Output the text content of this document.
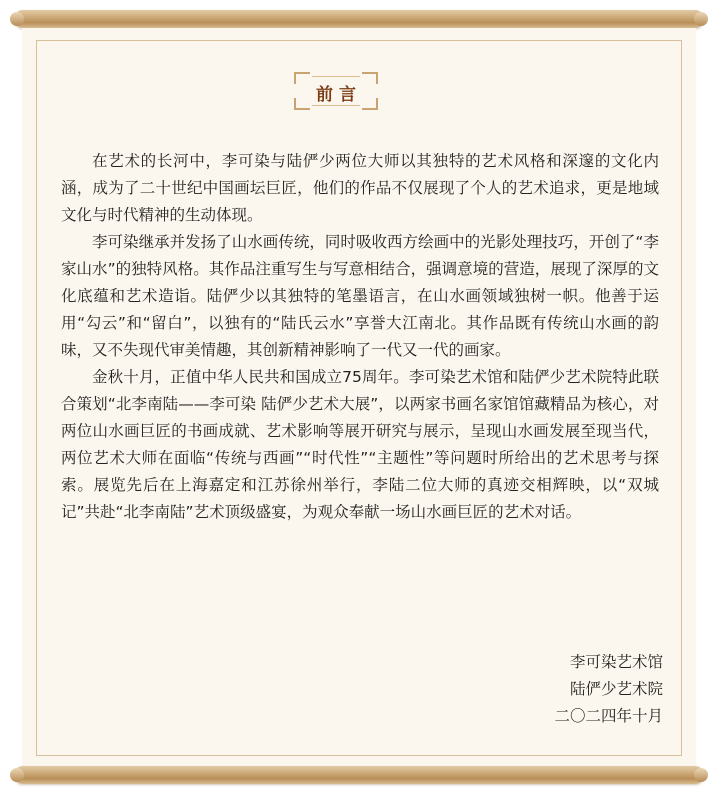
前言

在艺术的长河中，李可染与陆俨少两位大师以其独特的艺术风格和深邃的文化内涵，成为了二十世纪中国画坛巨匠，他们的作品不仅展现了个人的艺术追求，更是地域文化与时代精神的生动体现。

李可染继承并发扬了山水画传统，同时吸收西方绘画中的光影处理技巧，开创了“李家山水”的独特风格。其作品注重写生与写意相结合，强调意境的营造，展现了深厚的文化底蕴和艺术造诣。陆俨少以其独特的笔墨语言，在山水画领域独树一帜。他善于运用“勾云”和“留白”，以独有的“陆氏云水”享誉大江南北。其作品既有传统山水画的韵味，又不失现代审美情趣，其创新精神影响了一代又一代的画家。

金秋十月，正值中华人民共和国成立75周年。李可染艺术馆和陆俨少艺术院特此联合策划“北李南陆——李可染 陆俨少艺术大展”，以两家书画名家馆馆藏精品为核心，对两位山水画巨匠的书画成就、艺术影响等展开研究与展示，呈现山水画发展至现当代，两位艺术大师在面临“传统与西画”“时代性”“主题性”等问题时所给出的艺术思考与探索。展览先后在上海嘉定和江苏徐州举行，李陆二位大师的真迹交相辉映，以“双城记”共赴“北李南陆”艺术顶级盛宴，为观众奉献一场山水画巨匠的艺术对话。

李可染艺术馆
陆俨少艺术院
二〇二四年十月
